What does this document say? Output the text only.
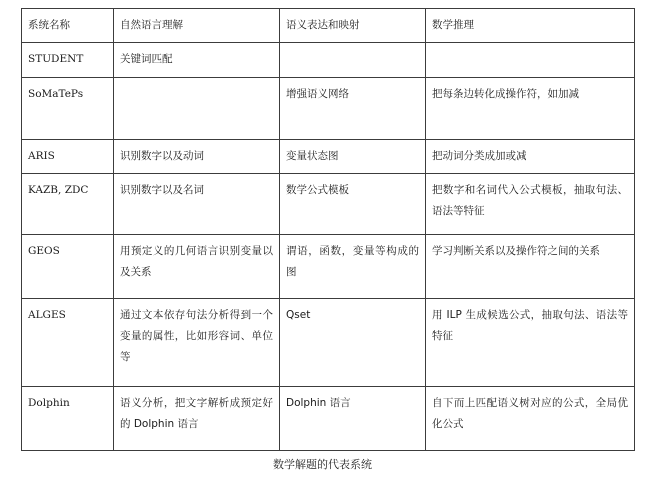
系统名称	自然语言理解	语义表达和映射	数学推理
STUDENT	关键词匹配		
SoMaTePs		增强语义网络	把每条边转化成操作符，如加减
ARIS	识别数字以及动词	变量状态图	把动词分类成加或减
KAZB, ZDC	识别数字以及名词	数学公式模板	把数字和名词代入公式模板，抽取句法、语法等特征
GEOS	用预定义的几何语言识别变量以及关系	谓语，函数，变量等构成的图	学习判断关系以及操作符之间的关系
ALGES	通过文本依存句法分析得到一个变量的属性，比如形容词、单位等	Qset	用 ILP 生成候选公式，抽取句法、语法等特征
Dolphin	语义分析，把文字解析成预定好的 Dolphin 语言	Dolphin 语言	自下而上匹配语义树对应的公式，全局优化公式
数学解题的代表系统
